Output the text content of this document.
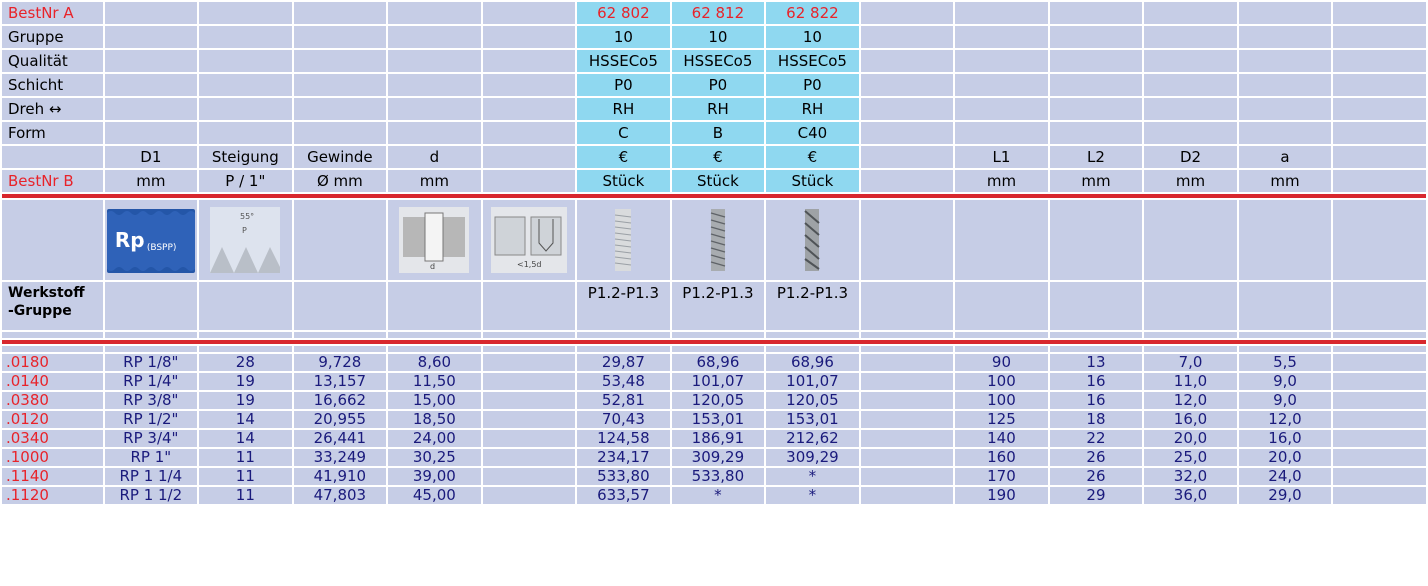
BestNr A						62 802	62 812	62 822						
Gruppe						10	10	10						
Qualität						HSSECo5	HSSECo5	HSSECo5						
Schicht						P0	P0	P0						
Dreh ↔						RH	RH	RH						
Form						C	B	C40						
	D1	Steigung	Gewinde	d		€	€	€		L1	L2	D2	a	
BestNr B	mm	P / 1"	Ø mm	mm		Stück	Stück	Stück		mm	mm	mm	mm	

	Rp (BSPP)	55°
P		d	<1,5d

Werkstoff
-Gruppe						P1.2-P1.3	P1.2-P1.3	P1.2-P1.3						

.0180	RP 1/8"	28	9,728	8,60		29,87	68,96	68,96		90	13	7,0	5,5	
.0140	RP 1/4"	19	13,157	11,50		53,48	101,07	101,07		100	16	11,0	9,0	
.0380	RP 3/8"	19	16,662	15,00		52,81	120,05	120,05		100	16	12,0	9,0	
.0120	RP 1/2"	14	20,955	18,50		70,43	153,01	153,01		125	18	16,0	12,0	
.0340	RP 3/4"	14	26,441	24,00		124,58	186,91	212,62		140	22	20,0	16,0	
.1000	RP 1"	11	33,249	30,25		234,17	309,29	309,29		160	26	25,0	20,0	
.1140	RP 1 1/4	11	41,910	39,00		533,80	533,80	*		170	26	32,0	24,0	
.1120	RP 1 1/2	11	47,803	45,00		633,57	*	*		190	29	36,0	29,0	
